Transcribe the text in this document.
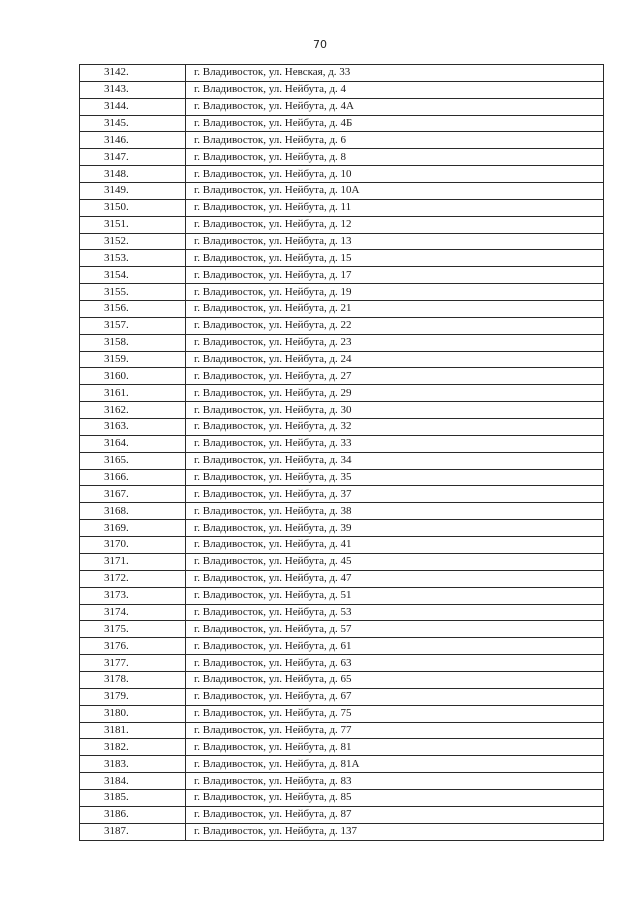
70
3142.	г. Владивосток, ул. Невская, д. 33
3143.	г. Владивосток, ул. Нейбута, д. 4
3144.	г. Владивосток, ул. Нейбута, д. 4А
3145.	г. Владивосток, ул. Нейбута, д. 4Б
3146.	г. Владивосток, ул. Нейбута, д. 6
3147.	г. Владивосток, ул. Нейбута, д. 8
3148.	г. Владивосток, ул. Нейбута, д. 10
3149.	г. Владивосток, ул. Нейбута, д. 10А
3150.	г. Владивосток, ул. Нейбута, д. 11
3151.	г. Владивосток, ул. Нейбута, д. 12
3152.	г. Владивосток, ул. Нейбута, д. 13
3153.	г. Владивосток, ул. Нейбута, д. 15
3154.	г. Владивосток, ул. Нейбута, д. 17
3155.	г. Владивосток, ул. Нейбута, д. 19
3156.	г. Владивосток, ул. Нейбута, д. 21
3157.	г. Владивосток, ул. Нейбута, д. 22
3158.	г. Владивосток, ул. Нейбута, д. 23
3159.	г. Владивосток, ул. Нейбута, д. 24
3160.	г. Владивосток, ул. Нейбута, д. 27
3161.	г. Владивосток, ул. Нейбута, д. 29
3162.	г. Владивосток, ул. Нейбута, д. 30
3163.	г. Владивосток, ул. Нейбута, д. 32
3164.	г. Владивосток, ул. Нейбута, д. 33
3165.	г. Владивосток, ул. Нейбута, д. 34
3166.	г. Владивосток, ул. Нейбута, д. 35
3167.	г. Владивосток, ул. Нейбута, д. 37
3168.	г. Владивосток, ул. Нейбута, д. 38
3169.	г. Владивосток, ул. Нейбута, д. 39
3170.	г. Владивосток, ул. Нейбута, д. 41
3171.	г. Владивосток, ул. Нейбута, д. 45
3172.	г. Владивосток, ул. Нейбута, д. 47
3173.	г. Владивосток, ул. Нейбута, д. 51
3174.	г. Владивосток, ул. Нейбута, д. 53
3175.	г. Владивосток, ул. Нейбута, д. 57
3176.	г. Владивосток, ул. Нейбута, д. 61
3177.	г. Владивосток, ул. Нейбута, д. 63
3178.	г. Владивосток, ул. Нейбута, д. 65
3179.	г. Владивосток, ул. Нейбута, д. 67
3180.	г. Владивосток, ул. Нейбута, д. 75
3181.	г. Владивосток, ул. Нейбута, д. 77
3182.	г. Владивосток, ул. Нейбута, д. 81
3183.	г. Владивосток, ул. Нейбута, д. 81А
3184.	г. Владивосток, ул. Нейбута, д. 83
3185.	г. Владивосток, ул. Нейбута, д. 85
3186.	г. Владивосток, ул. Нейбута, д. 87
3187.	г. Владивосток, ул. Нейбута, д. 137
